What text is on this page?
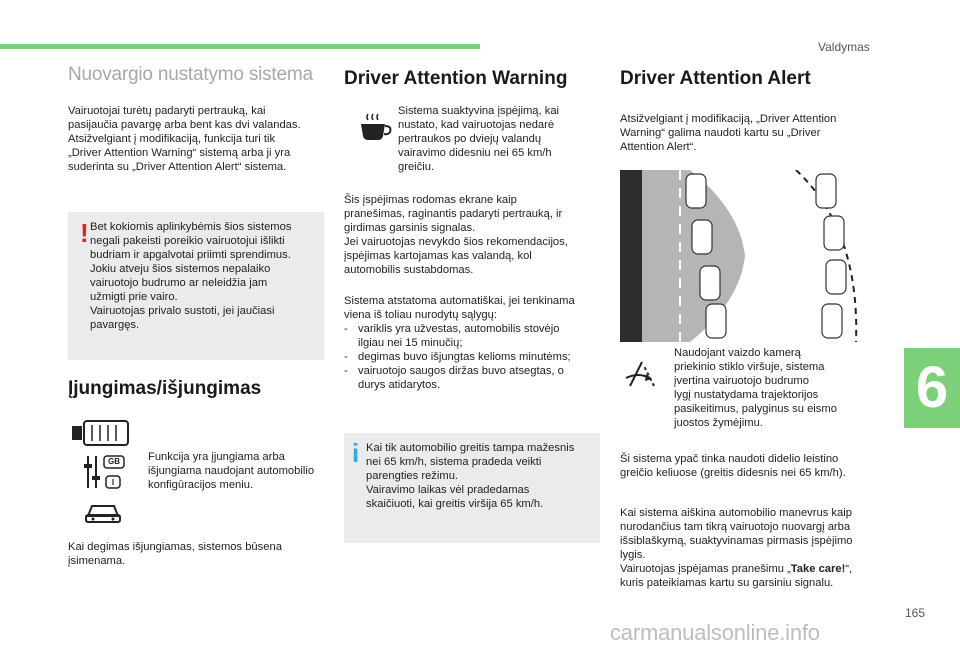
Valdymas
Nuovargio nustatymo sistema
Vairuotojai turėtų padaryti pertrauką, kai
pasijaučia pavargę arba bent kas dvi valandas.
Atsižvelgiant į modifikaciją, funkcija turi tik
„Driver Attention Warning“ sistemą arba ji yra
suderinta su „Driver Attention Alert“ sistema.
! Bet kokiomis aplinkybėmis šios sistemos
negali pakeisti poreikio vairuotojui išlikti
budriam ir apgalvotai priimti sprendimus.
Jokiu atveju šios sistemos nepalaiko
vairuotojo budrumo ar neleidžia jam
užmigti prie vairo.
Vairuotojas privalo sustoti, jei jaučiasi
pavargęs.
Įjungimas/išjungimas
GB
I
Funkcija yra įjungiama arba
išjungiama naudojant automobilio
konfigūracijos meniu.
Kai degimas išjungiamas, sistemos būsena
įsimenama.
Driver Attention Warning
Sistema suaktyvina įspėjimą, kai
nustato, kad vairuotojas nedarė
pertraukos po dviejų valandų
vairavimo didesniu nei 65 km/h
greičiu.
Šis įspėjimas rodomas ekrane kaip
pranešimas, raginantis padaryti pertrauką, ir
girdimas garsinis signalas.
Jei vairuotojas nevykdo šios rekomendacijos,
įspėjimas kartojamas kas valandą, kol
automobilis sustabdomas.
Sistema atstatoma automatiškai, jei tenkinama
viena iš toliau nurodytų sąlygų:
- variklis yra užvestas, automobilis stovėjo
ilgiau nei 15 minučių;
- degimas buvo išjungtas kelioms minutėms;
- vairuotojo saugos diržas buvo atsegtas, o
durys atidarytos.
i Kai tik automobilio greitis tampa mažesnis
nei 65 km/h, sistema pradeda veikti
parengties režimu.
Vairavimo laikas vėl pradedamas
skaičiuoti, kai greitis viršija 65 km/h.
Driver Attention Alert
Atsižvelgiant į modifikaciją, „Driver Attention
Warning“ galima naudoti kartu su „Driver
Attention Alert“.
Naudojant vaizdo kamerą
priekinio stiklo viršuje, sistema
įvertina vairuotojo budrumo
lygį nustatydama trajektorijos
pasikeitimus, palyginus su eismo
juostos žymėjimu.
Ši sistema ypač tinka naudoti didelio leistino
greičio keliuose (greitis didesnis nei 65 km/h).

Kai sistema aiškina automobilio manevrus kaip
nurodančius tam tikrą vairuotojo nuovargį arba
išsiblaškymą, suaktyvinamas pirmasis įspėjimo
lygis.
Vairuotojas įspėjamas pranešimu „Take care!“,
kuris pateikiamas kartu su garsiniu signalu.

6
165
carmanualsonline.info
